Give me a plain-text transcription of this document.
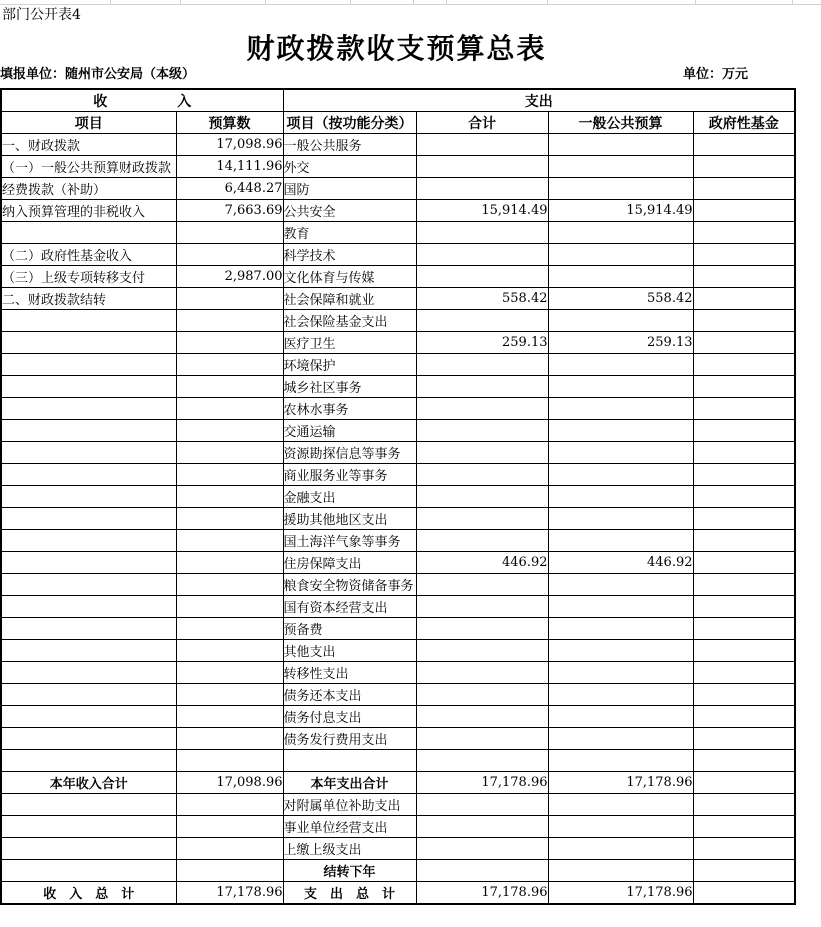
部门公开表4
财政拨款收支预算总表
填报单位：随州市公安局（本级）	单位：万元
收　　　　　入		支出			
项目	预算数	项目（按功能分类）	合计	一般公共预算	政府性基金
一、财政拨款	17,098.96	一般公共服务			
（一）一般公共预算财政拨款	14,111.96	外交			
经费拨款（补助）	6,448.27	国防			
纳入预算管理的非税收入	7,663.69	公共安全	15,914.49	15,914.49	
		教育			
（二）政府性基金收入		科学技术			
（三）上级专项转移支付	2,987.00	文化体育与传媒			
二、财政拨款结转		社会保障和就业	558.42	558.42	
		社会保险基金支出			
		医疗卫生	259.13	259.13	
		环境保护			
		城乡社区事务			
		农林水事务			
		交通运输			
		资源勘探信息等事务			
		商业服务业等事务			
		金融支出			
		援助其他地区支出			
		国土海洋气象等事务			
		住房保障支出	446.92	446.92	
		粮食安全物资储备事务			
		国有资本经营支出			
		预备费			
		其他支出			
		转移性支出			
		债务还本支出			
		债务付息支出			
		债务发行费用支出			

本年收入合计	17,098.96	本年支出合计	17,178.96	17,178.96	
		对附属单位补助支出			
		事业单位经营支出			
		上缴上级支出			
		结转下年			
收　入　总　计	17,178.96	支　出　总　计	17,178.96	17,178.96	
